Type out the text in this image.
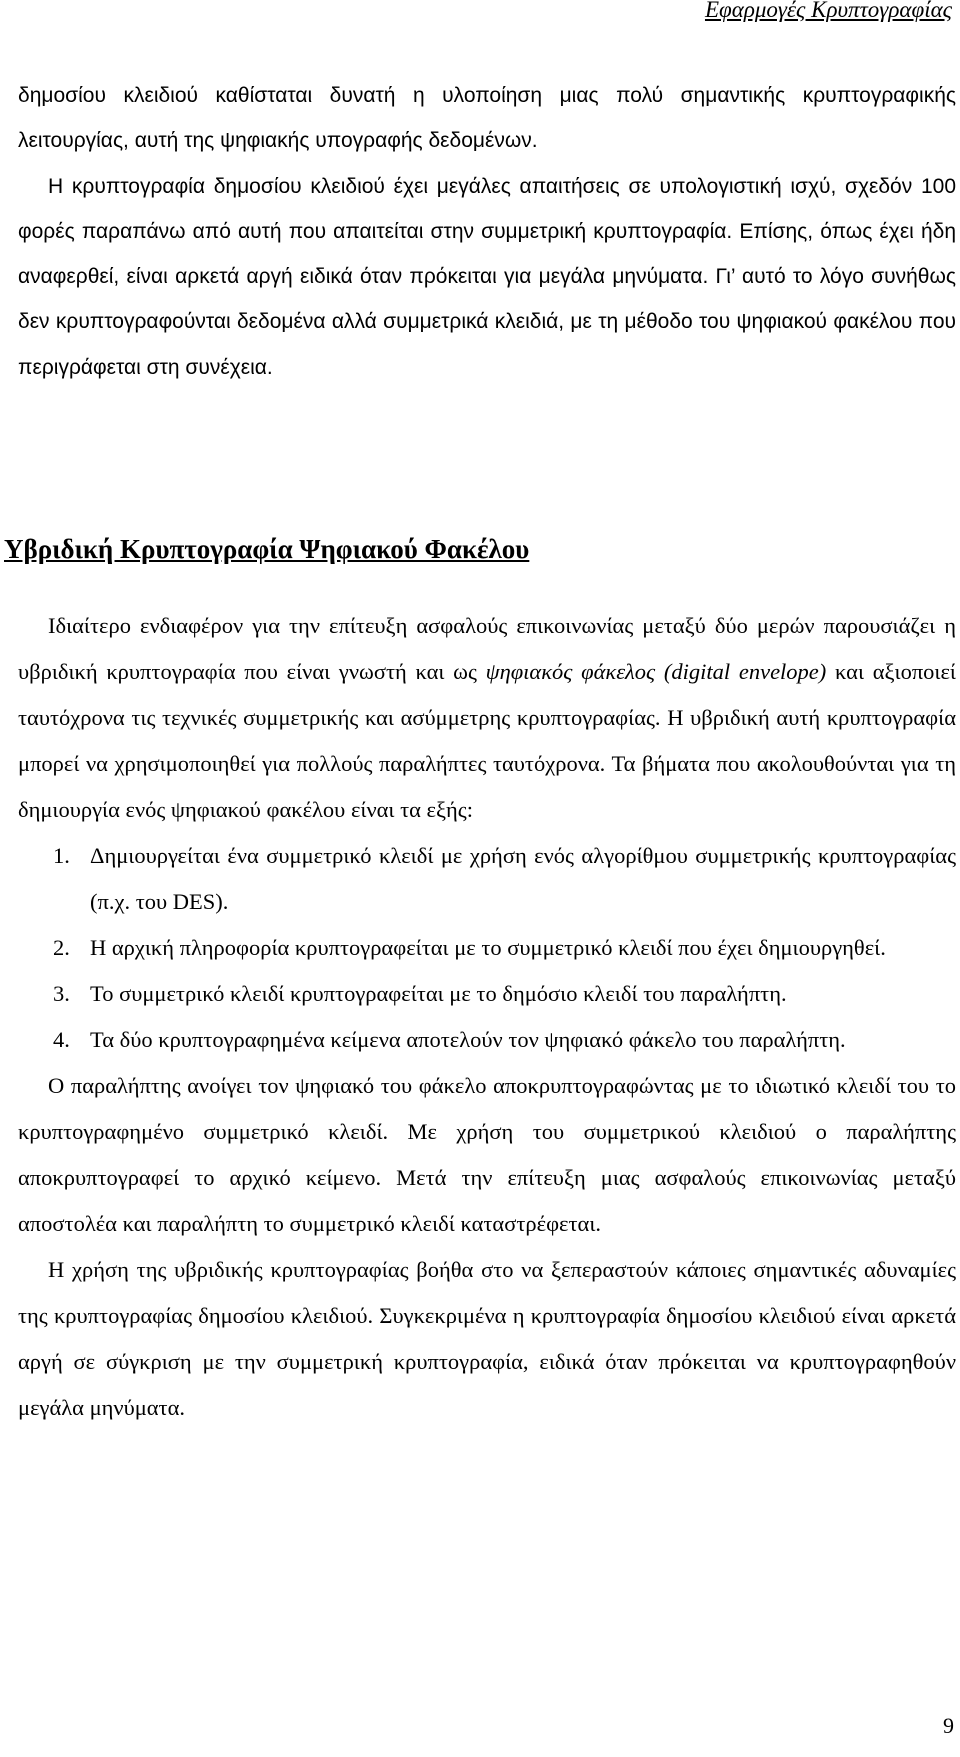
Εφαρμογές Κρυπτογραφίας

δημοσίου κλειδιού καθίσταται δυνατή η υλοποίηση μιας πολύ σημαντικής κρυπτογραφικής λειτουργίας, αυτή της ψηφιακής υπογραφής δεδομένων.

Η κρυπτογραφία δημοσίου κλειδιού έχει μεγάλες απαιτήσεις σε υπολογιστική ισχύ, σχεδόν 100 φορές παραπάνω από αυτή που απαιτείται στην συμμετρική κρυπτογραφία. Επίσης, όπως έχει ήδη αναφερθεί, είναι αρκετά αργή ειδικά όταν πρόκειται για μεγάλα μηνύματα. Γι’ αυτό το λόγο συνήθως δεν κρυπτογραφούνται δεδομένα αλλά συμμετρικά κλειδιά, με τη μέθοδο του ψηφιακού φακέλου που περιγράφεται στη συνέχεια.

Υβριδική Κρυπτογραφία Ψηφιακού Φακέλου

Ιδιαίτερο ενδιαφέρον για την επίτευξη ασφαλούς επικοινωνίας μεταξύ δύο μερών παρουσιάζει η υβριδική κρυπτογραφία που είναι γνωστή και ως ψηφιακός φάκελος (digital envelope) και αξιοποιεί ταυτόχρονα τις τεχνικές συμμετρικής και ασύμμετρης κρυπτογραφίας. Η υβριδική αυτή κρυπτογραφία μπορεί να χρησιμοποιηθεί για πολλούς παραλήπτες ταυτόχρονα. Τα βήματα που ακολουθούνται για τη δημιουργία ενός ψηφιακού φακέλου είναι τα εξής:

1. Δημιουργείται ένα συμμετρικό κλειδί με χρήση ενός αλγορίθμου συμμετρικής κρυπτογραφίας (π.χ. του DES).
2. Η αρχική πληροφορία κρυπτογραφείται με το συμμετρικό κλειδί που έχει δημιουργηθεί.
3. Το συμμετρικό κλειδί κρυπτογραφείται με το δημόσιο κλειδί του παραλήπτη.
4. Τα δύο κρυπτογραφημένα κείμενα αποτελούν τον ψηφιακό φάκελο του παραλήπτη.

Ο παραλήπτης ανοίγει τον ψηφιακό του φάκελο αποκρυπτογραφώντας με το ιδιωτικό κλειδί του το κρυπτογραφημένο συμμετρικό κλειδί. Με χρήση του συμμετρικού κλειδιού ο παραλήπτης αποκρυπτογραφεί το αρχικό κείμενο. Μετά την επίτευξη μιας ασφαλούς επικοινωνίας μεταξύ αποστολέα και παραλήπτη το συμμετρικό κλειδί καταστρέφεται.

Η χρήση της υβριδικής κρυπτογραφίας βοήθα στο να ξεπεραστούν κάποιες σημαντικές αδυναμίες της κρυπτογραφίας δημοσίου κλειδιού. Συγκεκριμένα η κρυπτογραφία δημοσίου κλειδιού είναι αρκετά αργή σε σύγκριση με την συμμετρική κρυπτογραφία, ειδικά όταν πρόκειται να κρυπτογραφηθούν μεγάλα μηνύματα.

9
